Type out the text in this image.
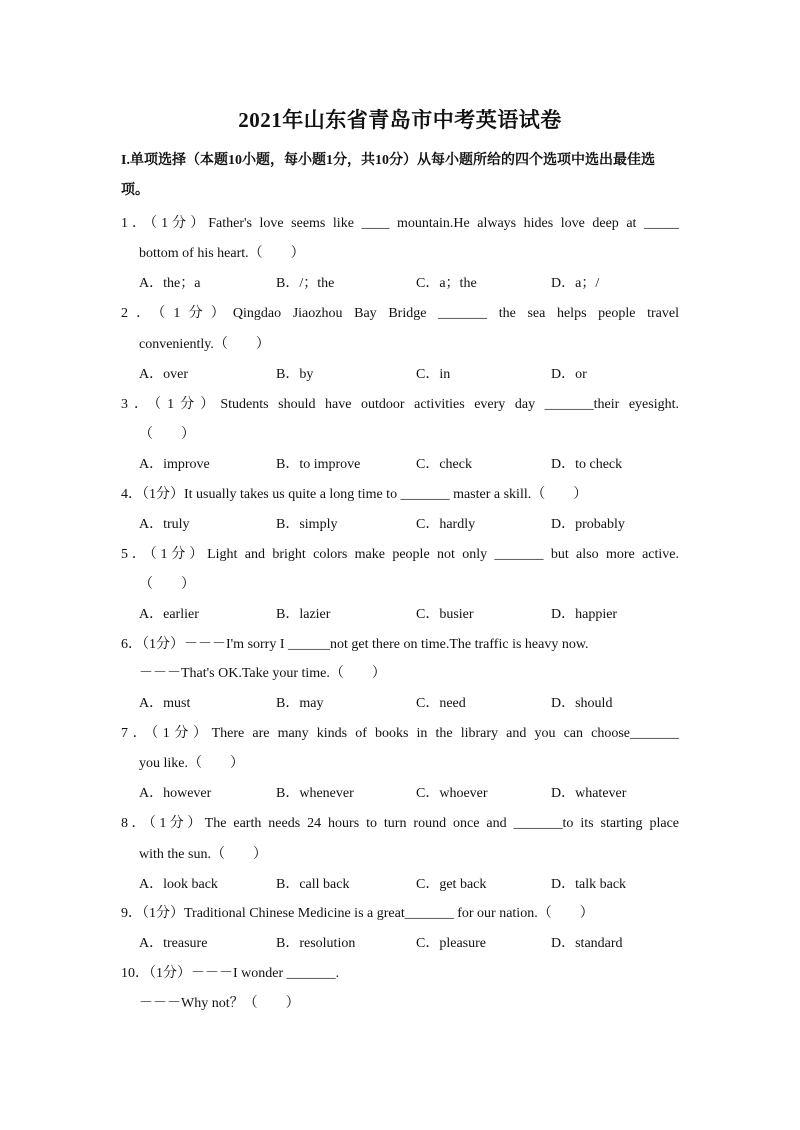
2021年山东省青岛市中考英语试卷
I.单项选择（本题10小题，每小题1分，共10分）从每小题所给的四个选项中选出最佳选项。
1．（1分）Father's love seems like ____ mountain.He always hides love deep at _____
bottom of his heart.（　　）
A．the；a	B．/；the	C．a；the	D．a；/
2．（1分）Qingdao Jiaozhou Bay Bridge _______ the sea helps people travel
conveniently.（　　）
A．over	B．by	C．in	D．or
3．（1分）Students should have outdoor activities every day _______their eyesight.
（　　）
A．improve	B．to improve	C．check	D．to check
4．（1分）It usually takes us quite a long time to _______ master a skill.（　　）
A．truly	B．simply	C．hardly	D．probably
5．（1分）Light and bright colors make people not only _______ but also more active.
（　　）
A．earlier	B．lazier	C．busier	D．happier
6．（1分）－－－I'm sorry I ______not get there on time.The traffic is heavy now.
－－－That's OK.Take your time.（　　）
A．must	B．may	C．need	D．should
7．（1分）There are many kinds of books in the library and you can choose_______
you like.（　　）
A．however	B．whenever	C．whoever	D．whatever
8．（1分）The earth needs 24 hours to turn round once and _______to its starting place
with the sun.（　　）
A．look back	B．call back	C．get back	D．talk back
9．（1分）Traditional Chinese Medicine is a great_______ for our nation.（　　）
A．treasure	B．resolution	C．pleasure	D．standard
10．（1分）－－－I wonder _______.
－－－Why not？（　　）
